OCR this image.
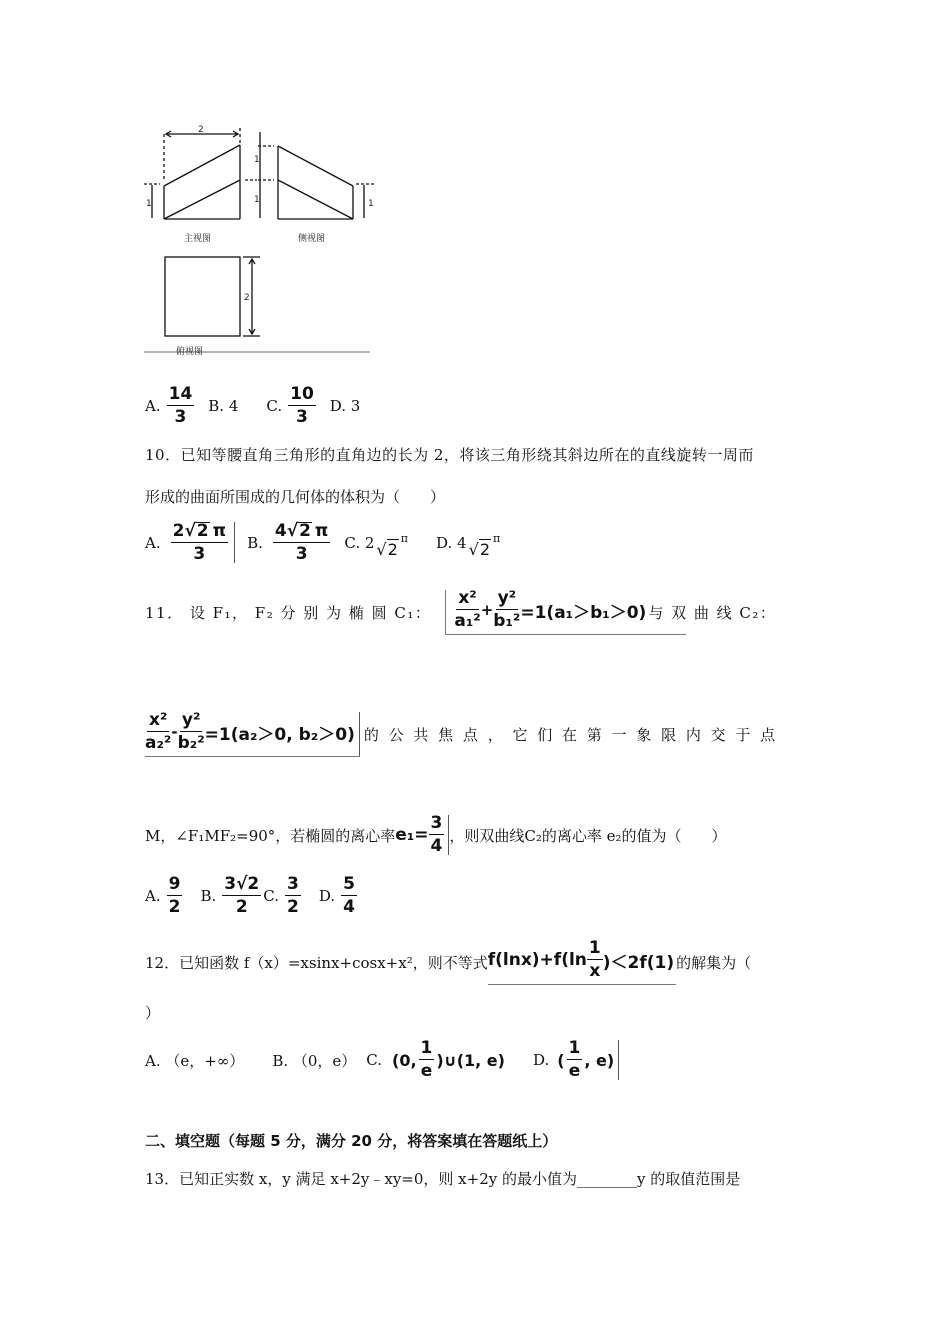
2
1
1
1	1
2
主视图	侧视图
俯视图
A. $\frac{14}{3} B$. 4 C. $\frac{10}{3} D$. 3
10．已知等腰直角三角形的直角边的长为 2，将该三角形绕其斜边所在的直线旋转一周而
形成的曲面所围成的几何体的体积为（　　）
A. $\frac{2√2 \pi}{3} B$. $\frac{4√2 \pi}{3} C$. 2 √2
π D. 4 √2
π
11． 设 F₁， F₂ 分 别 为 椭 圆 C₁： $\frac{\text{x²}}{\text{a₁²}} + \frac{\text{y²}}{\text{b₁²}} =1(a_1>b_1>0)$ 与 双 曲 线 C₂：
$\frac{\text{x²}}{\text{a₂²}} - \frac{\text{y²}}{\text{b₂²}} =1(a_2>0$, b₂＞0) 的 公 共 焦 点 ， 它 们 在 第 一 象 限 内 交 于 点
M，∠F₁MF₂=90°，若椭圆的离心率 $e_1= \frac{3}{4}$ ，则双曲线C₂的离心率 e₂的值为（　　）
A. $\frac{9}{2} B$. $\frac{3√2}{2} C$. $\frac{3}{2} D$. $\frac{5}{4}$
12．已知函数 f（x）=xsinx+cosx+x²，则不等式 $f(\ln x)+f(\ln \frac{1}{x} )<2f(1)$ 的解集为（
）
A. （e，+∞） B. （0，e） C. (0, $\frac{1}{e}$ )∪(1, e) D. ( $\frac{1}{e}$ , e)
二、填空题（每题 5 分，满分 20 分，将答案填在答题纸上）
13．已知正实数 x，y 满足 x+2y﹣xy=0，则 x+2y 的最小值为________y 的取值范围是
